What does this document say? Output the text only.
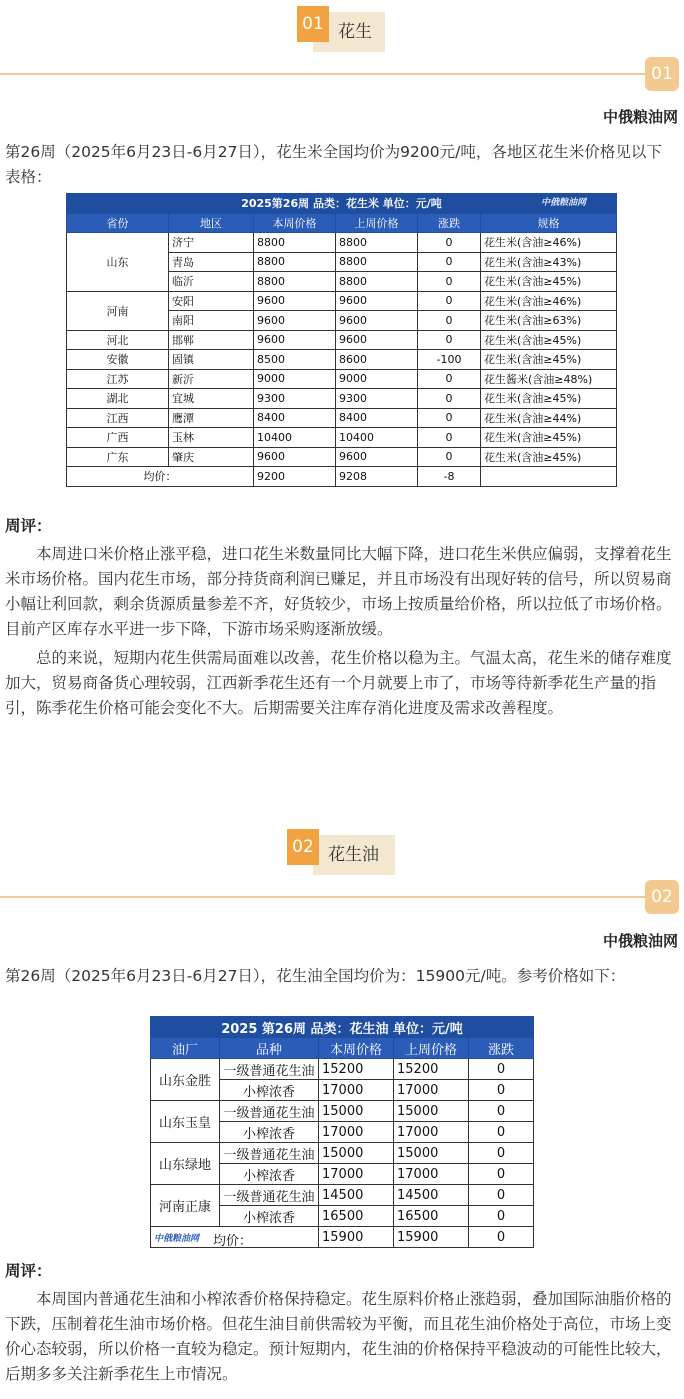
01 花生
01
中俄粮油网

第26周（2025年6月23日-6月27日），花生米全国均价为9200元/吨，各地区花生米价格见以下表格：

2025第26周 品类：花生米 单位：元/吨 中俄粮油网					

省份	地区	本周价格	上周价格	涨跌	规格
山东	济宁	8800	8800	0	花生米(含油≥46%)
	青岛	8800	8800	0	花生米(含油≥43%)
	临沂	8800	8800	0	花生米(含油≥45%)
河南	安阳	9600	9600	0	花生米(含油≥46%)
	南阳	9600	9600	0	花生米(含油≥63%)
河北	邯郸	9600	9600	0	花生米(含油≥45%)
安徽	固镇	8500	8600	-100	花生米(含油≥45%)
江苏	新沂	9000	9000	0	花生酱米(含油≥48%)
湖北	宜城	9300	9300	0	花生米(含油≥45%)
江西	鹰潭	8400	8400	0	花生米(含油≥44%)
广西	玉林	10400	10400	0	花生米(含油≥45%)
广东	肇庆	9600	9600	0	花生米(含油≥45%)
均价：		9200	9208	-8	

周评：

本周进口米价格止涨平稳，进口花生米数量同比大幅下降，进口花生米供应偏弱，支撑着花生米市场价格。国内花生市场，部分持货商利润已赚足，并且市场没有出现好转的信号，所以贸易商小幅让利回款，剩余货源质量参差不齐，好货较少，市场上按质量给价格，所以拉低了市场价格。目前产区库存水平进一步下降，下游市场采购逐渐放缓。

总的来说，短期内花生供需局面难以改善，花生价格以稳为主。气温太高，花生米的储存难度加大，贸易商备货心理较弱，江西新季花生还有一个月就要上市了，市场等待新季花生产量的指引，陈季花生价格可能会变化不大。后期需要关注库存消化进度及需求改善程度。

02 花生油
02
中俄粮油网

第26周（2025年6月23日-6月27日），花生油全国均价为：15900元/吨。参考价格如下：

2025 第26周 品类：花生油 单位：元/吨				
油厂	品种	本周价格	上周价格	涨跌
山东金胜	一级普通花生油	15200	15200	0
	小榨浓香	17000	17000	0
山东玉皇	一级普通花生油	15000	15000	0
	小榨浓香	17000	17000	0
山东绿地	一级普通花生油	15000	15000	0
	小榨浓香	17000	17000	0
河南正康	一级普通花生油	14500	14500	0
	小榨浓香	16500	16500	0
中俄粮油网 均价：		15900	15900	0

周评：

本周国内普通花生油和小榨浓香价格保持稳定。花生原料价格止涨趋弱，叠加国际油脂价格的下跌，压制着花生油市场价格。但花生油目前供需较为平衡，而且花生油价格处于高位，市场上变价心态较弱，所以价格一直较为稳定。预计短期内，花生油的价格保持平稳波动的可能性比较大，后期多多关注新季花生上市情况。
